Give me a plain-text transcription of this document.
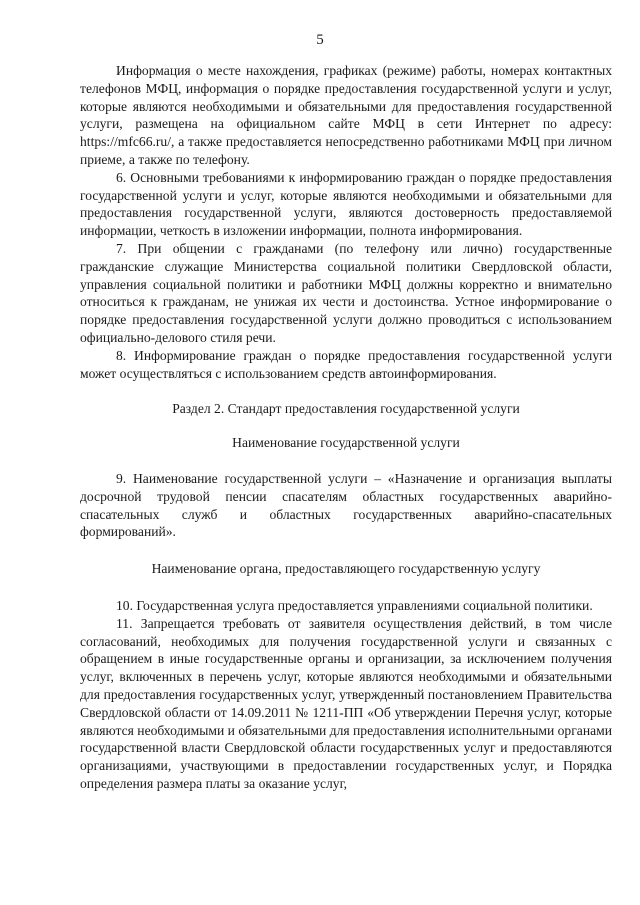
5

Информация о месте нахождения, графиках (режиме) работы, номерах контактных телефонов МФЦ, информация о порядке предоставления государственной услуги и услуг, которые являются необходимыми и обязательными для предоставления государственной услуги, размещена на официальном сайте МФЦ в сети Интернет по адресу: https://mfc66.ru/, а также предоставляется непосредственно работниками МФЦ при личном приеме, а также по телефону.

6. Основными требованиями к информированию граждан о порядке предоставления государственной услуги и услуг, которые являются необходимыми и обязательными для предоставления государственной услуги, являются достоверность предоставляемой информации, четкость в изложении информации, полнота информирования.

7. При общении с гражданами (по телефону или лично) государственные гражданские служащие Министерства социальной политики Свердловской области, управления социальной политики и работники МФЦ должны корректно и внимательно относиться к гражданам, не унижая их чести и достоинства. Устное информирование о порядке предоставления государственной услуги должно проводиться с использованием официально-делового стиля речи.

8. Информирование граждан о порядке предоставления государственной услуги может осуществляться с использованием средств автоинформирования.

Раздел 2. Стандарт предоставления государственной услуги

Наименование государственной услуги

9. Наименование государственной услуги – «Назначение и организация выплаты досрочной трудовой пенсии спасателям областных государственных аварийно-спасательных служб и областных государственных аварийно-спасательных формирований».

Наименование органа, предоставляющего государственную услугу

10. Государственная услуга предоставляется управлениями социальной политики.

11. Запрещается требовать от заявителя осуществления действий, в том числе согласований, необходимых для получения государственной услуги и связанных с обращением в иные государственные органы и организации, за исключением получения услуг, включенных в перечень услуг, которые являются необходимыми и обязательными для предоставления государственных услуг, утвержденный постановлением Правительства Свердловской области от 14.09.2011 № 1211-ПП «Об утверждении Перечня услуг, которые являются необходимыми и обязательными для предоставления исполнительными органами государственной власти Свердловской области государственных услуг и предоставляются организациями, участвующими в предоставлении государственных услуг, и Порядка определения размера платы за оказание услуг,
